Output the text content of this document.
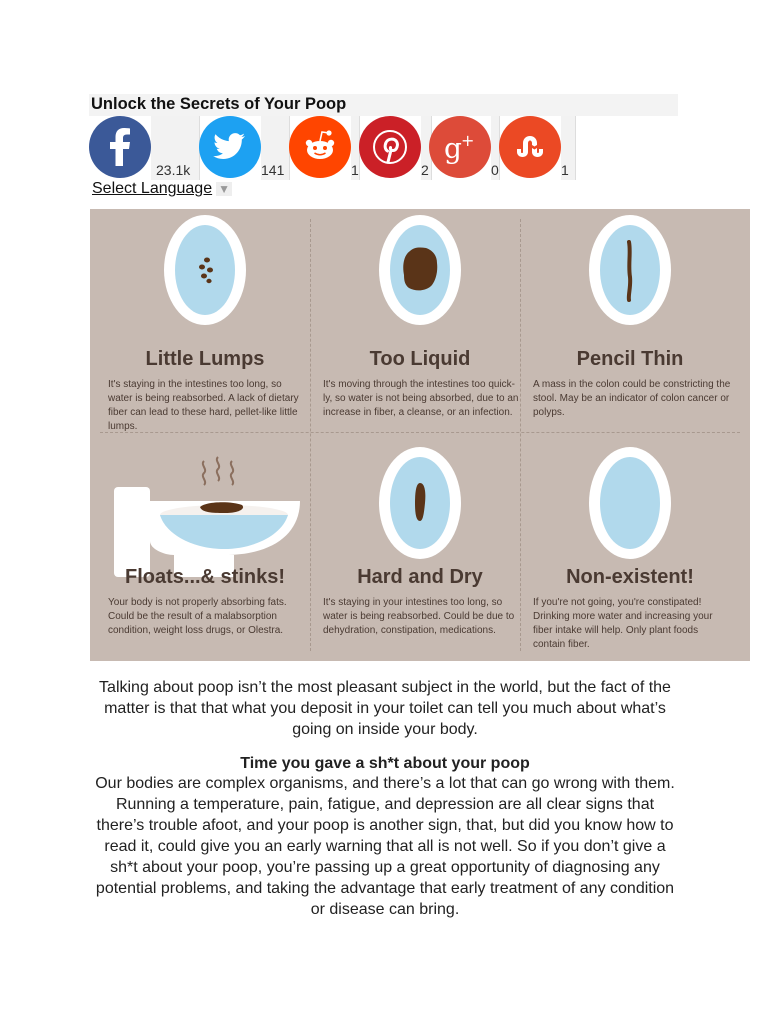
Unlock the Secrets of Your Poop
23.1k	141	1	2
g +
0	1
Select Language ▼
Little Lumps
It's staying in the intestines too long, so water is being reabsorbed. A lack of dietary fiber can lead to these hard, pellet-like little lumps.
Too Liquid
It's moving through the intestines too quick-ly, so water is not being absorbed, due to an increase in fiber, a cleanse, or an infection.
Pencil Thin
A mass in the colon could be constricting the stool. May be an indicator of colon cancer or polyps.
Floats...& stinks!
Your body is not properly absorbing fats. Could be the result of a malabsorption condition, weight loss drugs, or Olestra.
Hard and Dry
It's staying in your intestines too long, so water is being reabsorbed. Could be due to dehydration, constipation, medications.
Non-existent!
If you're not going, you're constipated! Drinking more water and increasing your fiber intake will help. Only plant foods contain fiber.
Talking about poop isn’t the most pleasant subject in the world, but the fact of the matter is that that what you deposit in your toilet can tell you much about what’s going on inside your body.
Time you gave a sh*t about your poop
Our bodies are complex organisms, and there’s a lot that can go wrong with them. Running a temperature, pain, fatigue, and depression are all clear signs that there’s trouble afoot, and your poop is another sign, that, but did you know how to read it, could give you an early warning that all is not well. So if you don’t give a sh*t about your poop, you’re passing up a great opportunity of diagnosing any potential problems, and taking the advantage that early treatment of any condition or disease can bring.
